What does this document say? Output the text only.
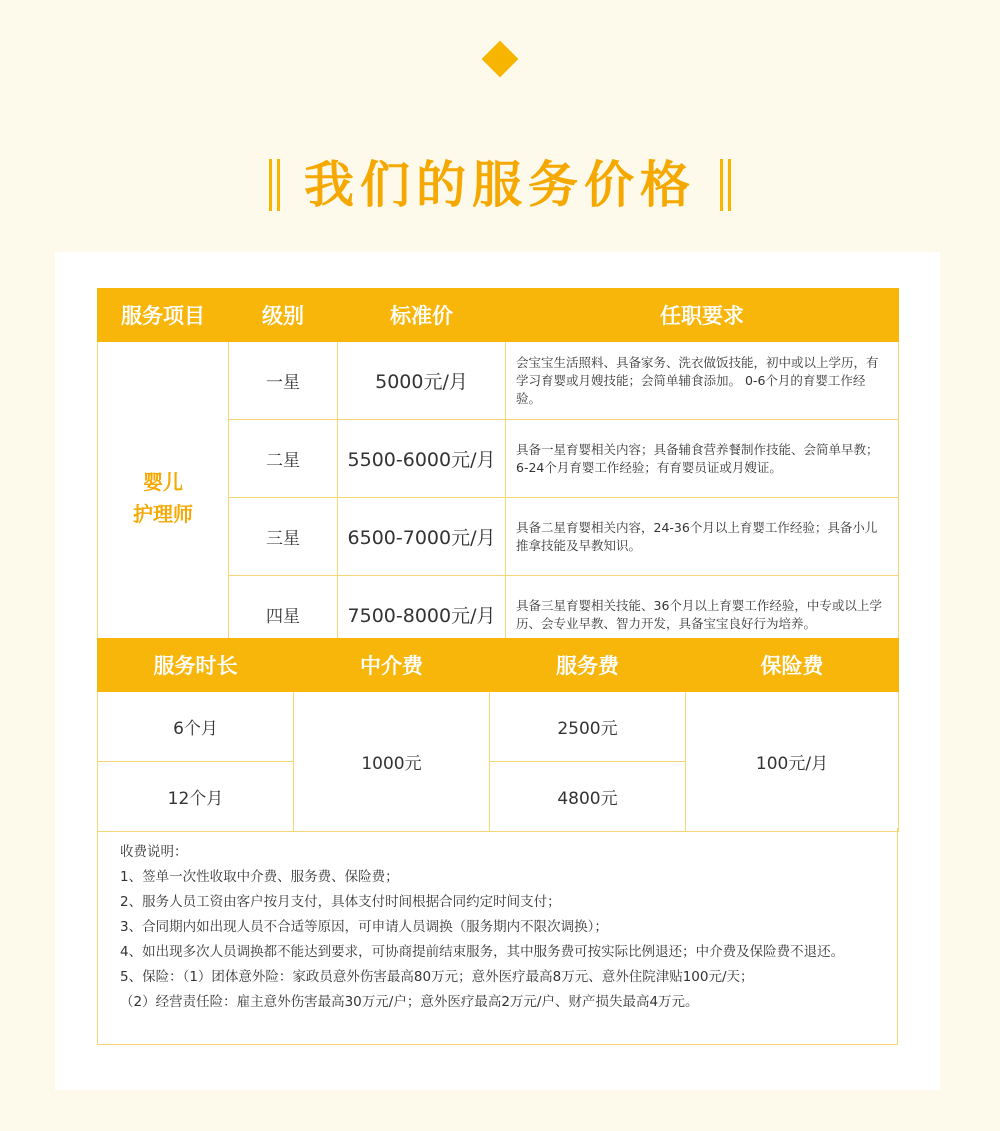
我们的服务价格
服务项目	级别	标准价	任职要求

婴儿
护理师	一星	5000元/月	会宝宝生活照料、具备家务、洗衣做饭技能，初中或以上学历，有学习育婴或月嫂技能；会简单辅食添加。 0-6个月的育婴工作经验。
	二星	5500-6000元/月	具备一星育婴相关内容；具备辅食营养餐制作技能、会简单早教；6-24个月育婴工作经验；有育婴员证或月嫂证。
	三星	6500-7000元/月	具备二星育婴相关内容，24-36个月以上育婴工作经验；具备小儿推拿技能及早教知识。
	四星	7500-8000元/月	具备三星育婴相关技能、36个月以上育婴工作经验，中专或以上学历、会专业早教、智力开发，具备宝宝良好行为培养。
服务时长	中介费	服务费	保险费
6个月	1000元	2500元	100元/月
12个月		4800元	
收费说明：
1、签单一次性收取中介费、服务费、保险费；
2、服务人员工资由客户按月支付，具体支付时间根据合同约定时间支付；
3、合同期内如出现人员不合适等原因，可申请人员调换（服务期内不限次调换）；
4、如出现多次人员调换都不能达到要求，可协商提前结束服务，其中服务费可按实际比例退还；中介费及保险费不退还。
5、保险：（1）团体意外险：家政员意外伤害最高80万元；意外医疗最高8万元、意外住院津贴100元/天；
（2）经营责任险：雇主意外伤害最高30万元/户；意外医疗最高2万元/户、财产损失最高4万元。
